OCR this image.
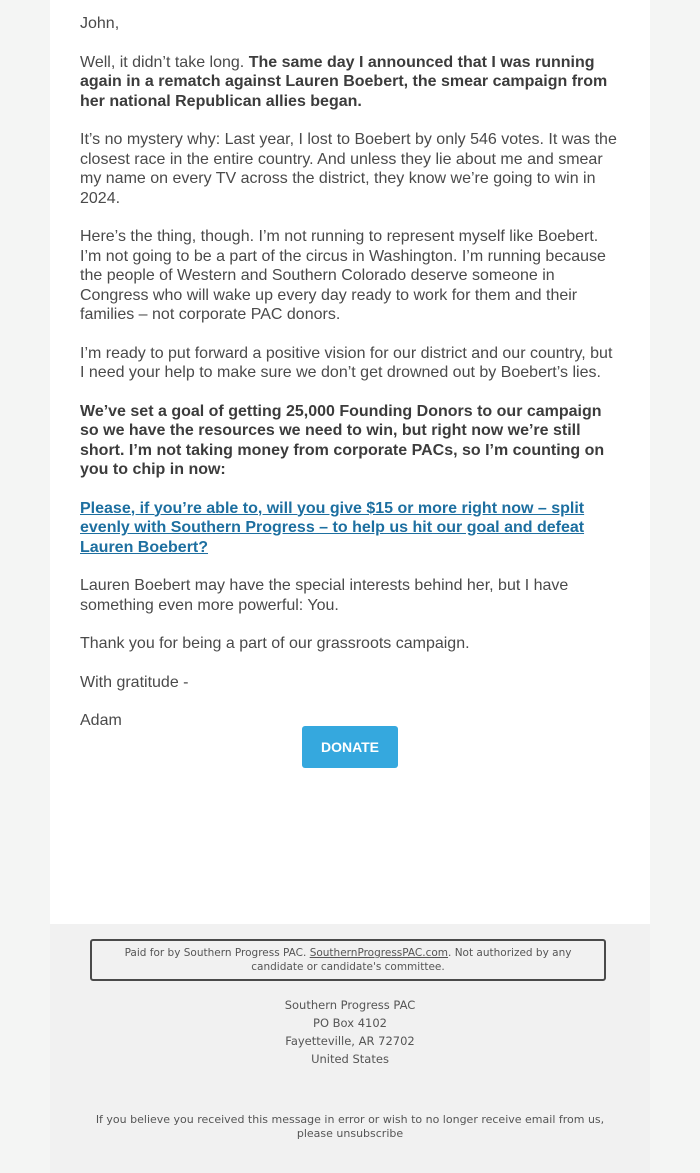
John,

Well, it didn’t take long. The same day I announced that I was running again in a rematch against Lauren Boebert, the smear campaign from her national Republican allies began.

It’s no mystery why: Last year, I lost to Boebert by only 546 votes. It was the closest race in the entire country. And unless they lie about me and smear my name on every TV across the district, they know we’re going to win in 2024.

Here’s the thing, though. I’m not running to represent myself like Boebert. I’m not going to be a part of the circus in Washington. I’m running because the people of Western and Southern Colorado deserve someone in Congress who will wake up every day ready to work for them and their families – not corporate PAC donors.

I’m ready to put forward a positive vision for our district and our country, but I need your help to make sure we don’t get drowned out by Boebert’s lies.

We’ve set a goal of getting 25,000 Founding Donors to our campaign so we have the resources we need to win, but right now we’re still short. I’m not taking money from corporate PACs, so I’m counting on you to chip in now:

Please, if you’re able to, will you give $15 or more right now – split evenly with Southern Progress – to help us hit our goal and defeat Lauren Boebert?

Lauren Boebert may have the special interests behind her, but I have something even more powerful: You.

Thank you for being a part of our grassroots campaign.

With gratitude -

Adam

DONATE
Paid for by Southern Progress PAC. SouthernProgressPAC.com. Not authorized by any candidate or candidate's committee.
Southern Progress PAC
PO Box 4102
Fayetteville, AR 72702
United States
If you believe you received this message in error or wish to no longer receive email from us,
please unsubscribe
